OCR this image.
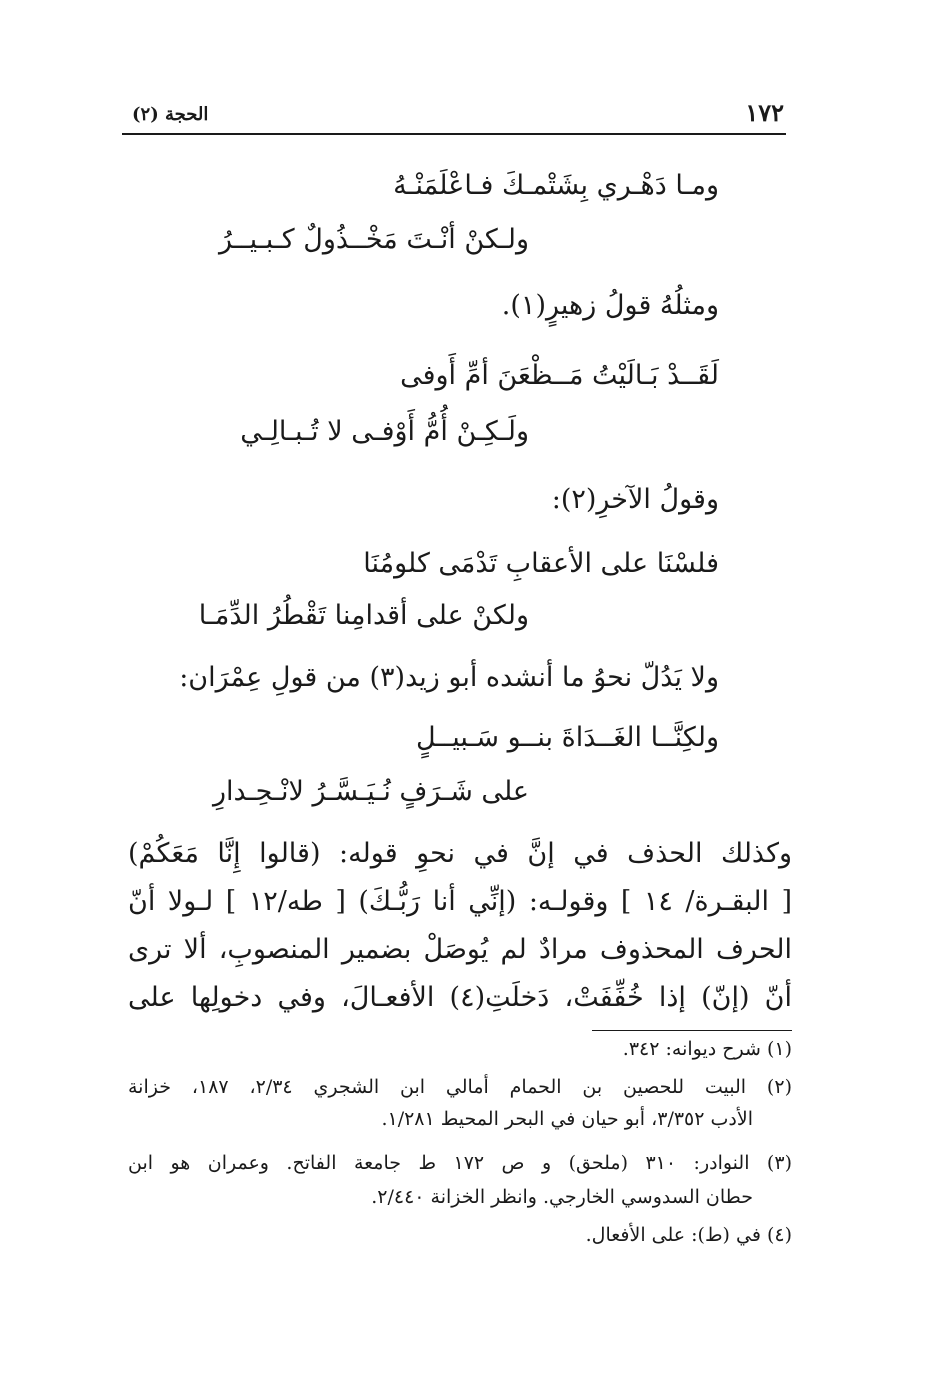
١٧٢
الحجة (٢)
ومـا دَهْـري بِشَتْمـكَ فـاعْلَمَنْـهُ
ولـكنْ أنْـتَ مَخْــذُولٌ كـبـيــرُ
ومثلُهُ قولُ زهيرٍ(١).
لَقَــدْ بَـالَيْتُ مَــظْعَنَ أمِّ أَوفى
ولَـكِـنْ أُمُّ أَوْفـى لا تُـبـالِـي
وقولُ الآخرِ(٢):
فلسْنَا على الأعقابِ تَدْمَى كلومُنَا
ولكنْ على أقدامِنا تَقْطُرُ الدِّمَـا
ولا يَدُلّ نحوُ ما أنشده أبو زيد(٣) من قولِ عِمْرَان:
ولكِنَّــا الغَــدَاةَ بنــو سَـبيــلٍ
على شَـرَفٍ نُـيَـسَّـرُ لانْـحِـدارِ
وكذلك الحذف في إنَّ في نحوِ قوله: (قالوا إِنَّا مَعَكُمْ)
[ البقـرة/ ١٤ ] وقولـه: (إنِّي أنا رَبُّـكَ) [ طه/١٢ ] لـولا أنّ
الحرف المحذوف مرادٌ لم يُوصَلْ بضمير المنصوبِ، ألا ترى
أنّ (إنّ) إذا خُفِّفَتْ، دَخلَتِ(٤) الأفعـالَ، وفي دخولِها على
(١) شرح ديوانه: ٣٤٢.
(٢) البيت للحصين بن الحمام أمالي ابن الشجري ٢/٣٤، ١٨٧، خزانة
الأدب ٣/٣٥٢، أبو حيان في البحر المحيط ١/٢٨١.
(٣) النوادر: ٣١٠ (ملحق) و ص ١٧٢ ط جامعة الفاتح. وعمران هو ابن
حطان السدوسي الخارجي. وانظر الخزانة ٢/٤٤٠.
(٤) في (ط): على الأفعال.
